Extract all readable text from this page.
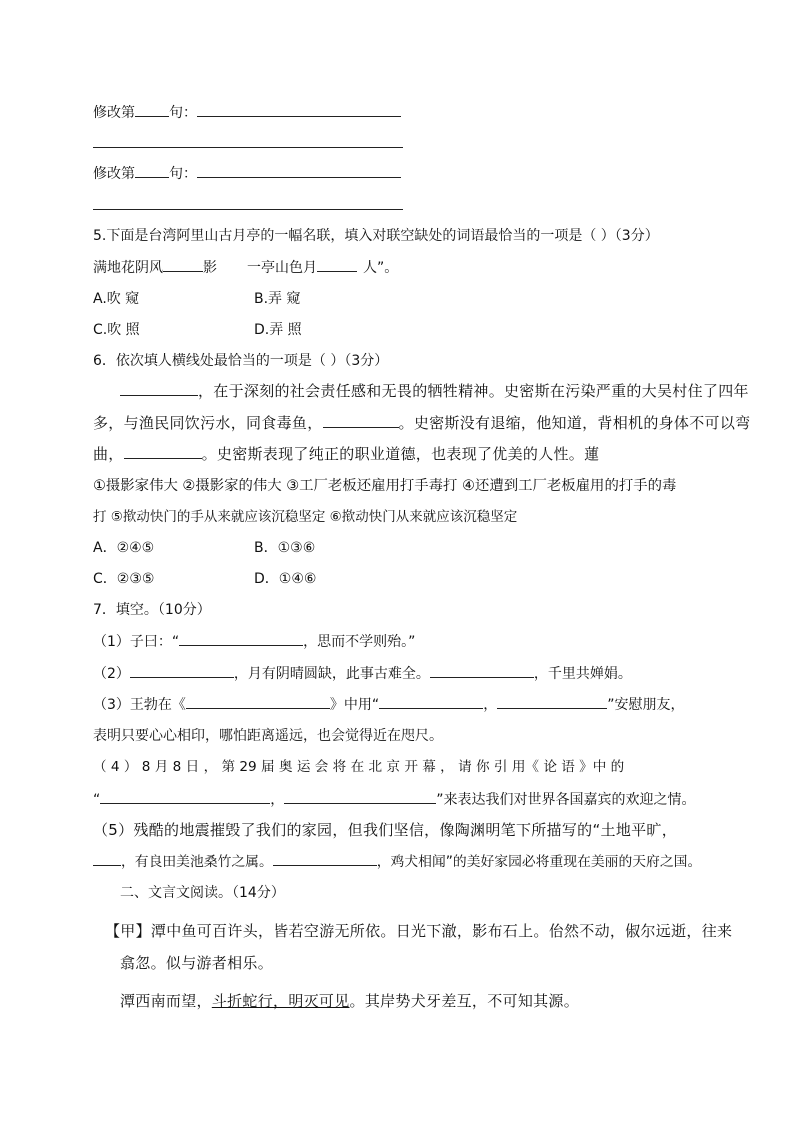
修改第 句：
修改第 句：
5.下面是台湾阿里山古月亭的一幅名联，填入对联空缺处的词语最恰当的一项是（ ）（3分）
满地花阴风	影 一亭山色月	人”。
A.吹 窥	B.弄 窥
C.吹 照	D.弄 照
6．依次填人横线处最恰当的一项是（ ）（3分）
，在于深刻的社会责任感和无畏的牺牲精神。史密斯在污染严重的大吴村住了四年
多，与渔民同饮污水，同食毒鱼，	。史密斯没有退缩，他知道，背相机的身体不可以弯
曲，	。史密斯表现了纯正的职业道德，也表现了优美的人性。蓮
①摄影家伟大 ②摄影家的伟大 ③工厂老板还雇用打手毒打 ④还遭到工厂老板雇用的打手的毒
打 ⑤揿动快门的手从来就应该沉稳坚定 ⑥揿动快门从来就应该沉稳坚定
A．②④⑤	B．①③⑥
C．②③⑤	D．①④⑥
7．填空。（10分）
（1）子曰：“	，思而不学则殆。”
（2）	，月有阴晴圆缺，此事古难全。	，千里共婵娟。
（3）王勃在《	》中用“	，	”安慰朋友，
表明只要心心相印，哪怕距离遥远，也会觉得近在咫尺。
（ 4 ） 8 月 8 日 ， 第 29 届 奥 运 会 将 在 北 京 开 幕 ， 请 你 引 用《 论 语 》中 的
“	，	”来表达我们对世界各国嘉宾的欢迎之情。
（5）残酷的地震摧毁了我们的家园，但我们坚信，像陶渊明笔下所描写的“土地平旷，
，有良田美池桑竹之属。	，鸡犬相闻”的美好家园必将重现在美丽的天府之国。
二、文言文阅读。（14分）
【甲】潭中鱼可百许头，皆若空游无所依。日光下澈，影布石上。佁然不动，俶尔远逝，往来
翕忽。似与游者相乐。
潭西南而望，斗折蛇行，明灭可见。其岸势犬牙差互，不可知其源。
